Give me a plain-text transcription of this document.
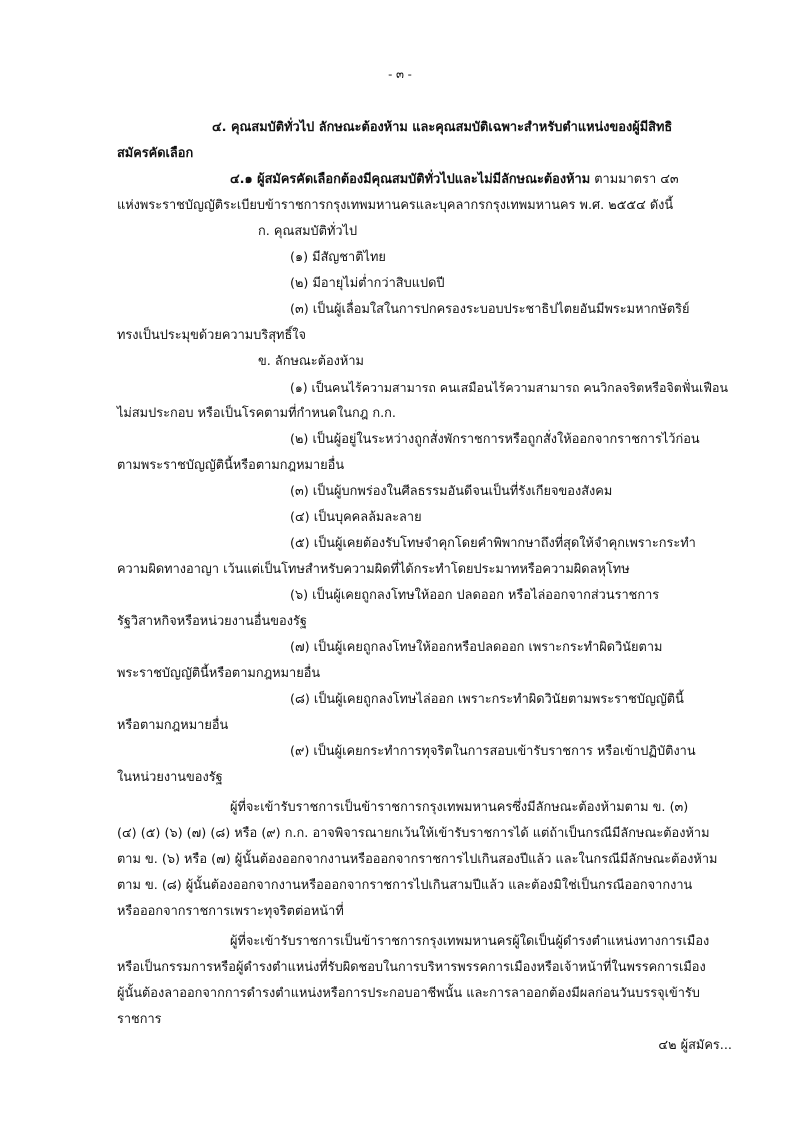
- ๓ -
๔. คุณสมบัติทั่วไป ลักษณะต้องห้าม และคุณสมบัติเฉพาะสำหรับตำแหน่งของผู้มีสิทธิ
สมัครคัดเลือก
๔.๑ ผู้สมัครคัดเลือกต้องมีคุณสมบัติทั่วไปและไม่มีลักษณะต้องห้าม ตามมาตรา ๔๓
แห่งพระราชบัญญัติระเบียบข้าราชการกรุงเทพมหานครและบุคลากรกรุงเทพมหานคร พ.ศ. ๒๕๕๔ ดังนี้
ก. คุณสมบัติทั่วไป
(๑) มีสัญชาติไทย
(๒) มีอายุไม่ต่ำกว่าสิบแปดปี
(๓) เป็นผู้เลื่อมใสในการปกครองระบอบประชาธิปไตยอันมีพระมหากษัตริย์
ทรงเป็นประมุขด้วยความบริสุทธิ์ใจ
ข. ลักษณะต้องห้าม
(๑) เป็นคนไร้ความสามารถ คนเสมือนไร้ความสามารถ คนวิกลจริตหรือจิตฟั่นเฟือน
ไม่สมประกอบ หรือเป็นโรคตามที่กำหนดในกฎ ก.ก.
(๒) เป็นผู้อยู่ในระหว่างถูกสั่งพักราชการหรือถูกสั่งให้ออกจากราชการไว้ก่อน
ตามพระราชบัญญัตินี้หรือตามกฎหมายอื่น
(๓) เป็นผู้บกพร่องในศีลธรรมอันดีจนเป็นที่รังเกียจของสังคม
(๔) เป็นบุคคลล้มละลาย
(๕) เป็นผู้เคยต้องรับโทษจำคุกโดยคำพิพากษาถึงที่สุดให้จำคุกเพราะกระทำ
ความผิดทางอาญา เว้นแต่เป็นโทษสำหรับความผิดที่ได้กระทำโดยประมาทหรือความผิดลหุโทษ
(๖) เป็นผู้เคยถูกลงโทษให้ออก ปลดออก หรือไล่ออกจากส่วนราชการ
รัฐวิสาหกิจหรือหน่วยงานอื่นของรัฐ
(๗) เป็นผู้เคยถูกลงโทษให้ออกหรือปลดออก เพราะกระทำผิดวินัยตาม
พระราชบัญญัตินี้หรือตามกฎหมายอื่น
(๘) เป็นผู้เคยถูกลงโทษไล่ออก เพราะกระทำผิดวินัยตามพระราชบัญญัตินี้
หรือตามกฎหมายอื่น
(๙) เป็นผู้เคยกระทำการทุจริตในการสอบเข้ารับราชการ หรือเข้าปฏิบัติงาน
ในหน่วยงานของรัฐ
ผู้ที่จะเข้ารับราชการเป็นข้าราชการกรุงเทพมหานครซึ่งมีลักษณะต้องห้ามตาม ข. (๓)
(๔) (๕) (๖) (๗) (๘) หรือ (๙) ก.ก. อาจพิจารณายกเว้นให้เข้ารับราชการได้ แต่ถ้าเป็นกรณีมีลักษณะต้องห้าม
ตาม ข. (๖) หรือ (๗) ผู้นั้นต้องออกจากงานหรือออกจากราชการไปเกินสองปีแล้ว และในกรณีมีลักษณะต้องห้าม
ตาม ข. (๘) ผู้นั้นต้องออกจากงานหรือออกจากราชการไปเกินสามปีแล้ว และต้องมิใช่เป็นกรณีออกจากงาน
หรือออกจากราชการเพราะทุจริตต่อหน้าที่
ผู้ที่จะเข้ารับราชการเป็นข้าราชการกรุงเทพมหานครผู้ใดเป็นผู้ดำรงตำแหน่งทางการเมือง
หรือเป็นกรรมการหรือผู้ดำรงตำแหน่งที่รับผิดชอบในการบริหารพรรคการเมืองหรือเจ้าหน้าที่ในพรรคการเมือง
ผู้นั้นต้องลาออกจากการดำรงตำแหน่งหรือการประกอบอาชีพนั้น และการลาออกต้องมีผลก่อนวันบรรจุเข้ารับ
ราชการ
๔๒ ผู้สมัคร...
